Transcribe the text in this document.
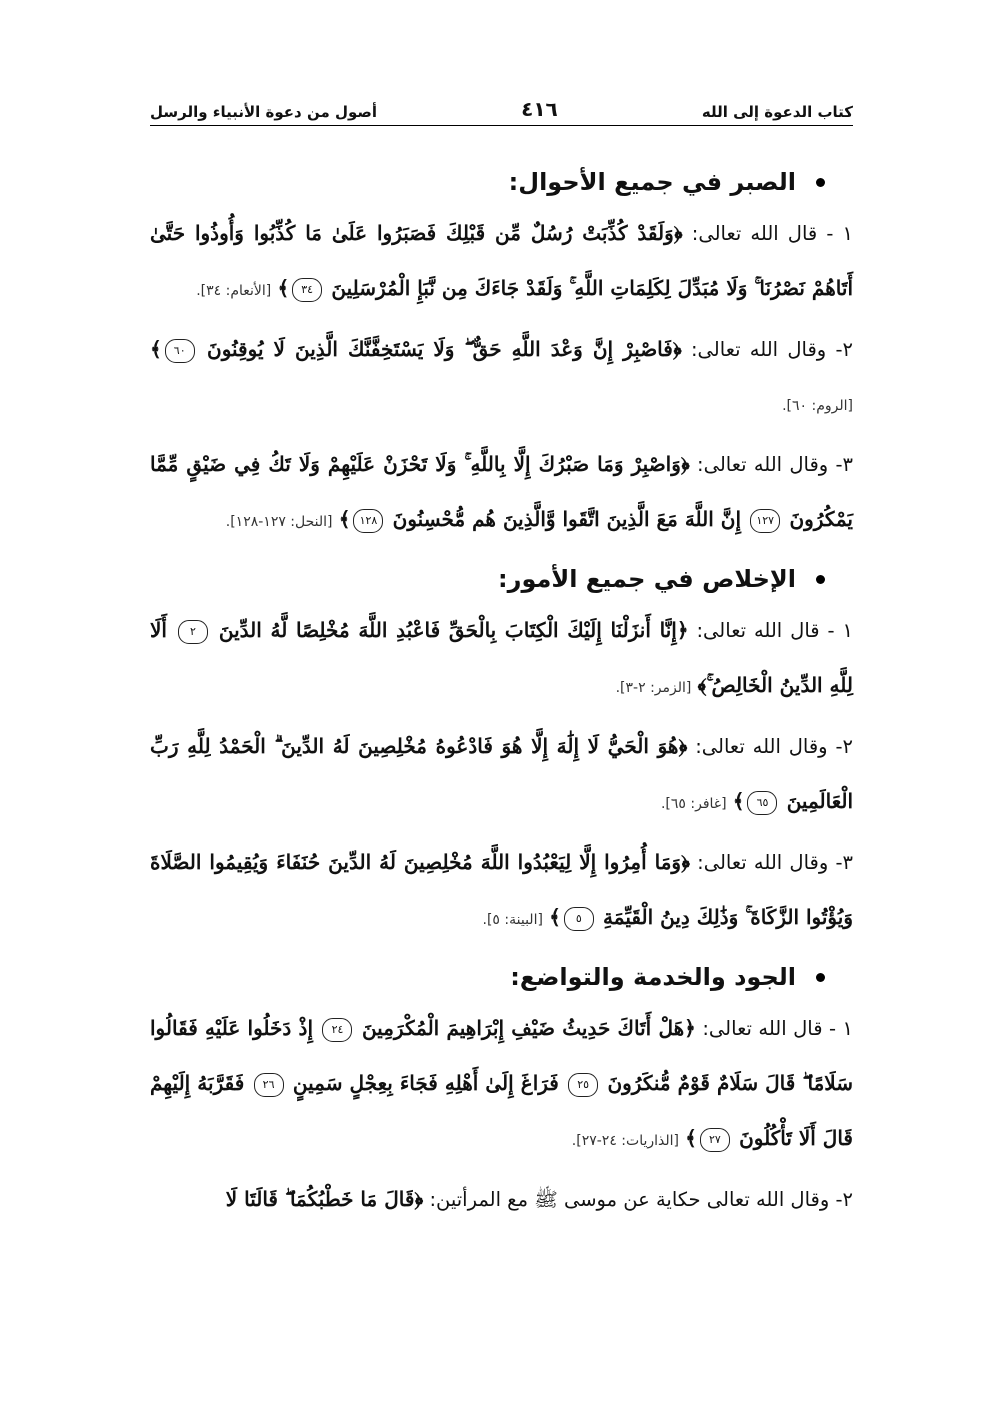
كتاب الدعوة إلى الله
٤١٦
أصول من دعوة الأنبياء والرسل
الصبر في جميع الأحوال:
١ - قال الله تعالى: ﴿وَلَقَدْ كُذِّبَتْ رُسُلٌ مِّن قَبْلِكَ فَصَبَرُوا عَلَىٰ مَا كُذِّبُوا وَأُوذُوا حَتَّىٰ أَتَاهُمْ نَصْرُنَا ۚ وَلَا مُبَدِّلَ لِكَلِمَاتِ اللَّهِ ۚ وَلَقَدْ جَاءَكَ مِن نَّبَإِ الْمُرْسَلِينَ ٣٤﴾ [الأنعام: ٣٤].
٢- وقال الله تعالى: ﴿فَاصْبِرْ إِنَّ وَعْدَ اللَّهِ حَقٌّ ۖ وَلَا يَسْتَخِفَّنَّكَ الَّذِينَ لَا يُوقِنُونَ ٦٠﴾ [الروم: ٦٠].
٣- وقال الله تعالى: ﴿وَاصْبِرْ وَمَا صَبْرُكَ إِلَّا بِاللَّهِ ۚ وَلَا تَحْزَنْ عَلَيْهِمْ وَلَا تَكُ فِي ضَيْقٍ مِّمَّا يَمْكُرُونَ ١٢٧ إِنَّ اللَّهَ مَعَ الَّذِينَ اتَّقَوا وَّالَّذِينَ هُم مُّحْسِنُونَ ١٢٨﴾ [النحل: ١٢٧-١٢٨].
الإخلاص في جميع الأمور:
١ - قال الله تعالى: ﴿إِنَّا أَنزَلْنَا إِلَيْكَ الْكِتَابَ بِالْحَقِّ فَاعْبُدِ اللَّهَ مُخْلِصًا لَّهُ الدِّينَ ٢ أَلَا لِلَّهِ الدِّينُ الْخَالِصُ ۚ﴾ [الزمر: ٢-٣].
٢- وقال الله تعالى: ﴿هُوَ الْحَيُّ لَا إِلَٰهَ إِلَّا هُوَ فَادْعُوهُ مُخْلِصِينَ لَهُ الدِّينَ ۗ الْحَمْدُ لِلَّهِ رَبِّ الْعَالَمِينَ ٦٥﴾ [غافر: ٦٥].
٣- وقال الله تعالى: ﴿وَمَا أُمِرُوا إِلَّا لِيَعْبُدُوا اللَّهَ مُخْلِصِينَ لَهُ الدِّينَ حُنَفَاءَ وَيُقِيمُوا الصَّلَاةَ وَيُؤْتُوا الزَّكَاةَ ۚ وَذَٰلِكَ دِينُ الْقَيِّمَةِ ٥﴾ [البينة: ٥].
الجود والخدمة والتواضع:
١ - قال الله تعالى: ﴿هَلْ أَتَاكَ حَدِيثُ ضَيْفِ إِبْرَاهِيمَ الْمُكْرَمِينَ ٢٤ إِذْ دَخَلُوا عَلَيْهِ فَقَالُوا سَلَامًا ۖ قَالَ سَلَامٌ قَوْمٌ مُّنكَرُونَ ٢٥ فَرَاغَ إِلَىٰ أَهْلِهِ فَجَاءَ بِعِجْلٍ سَمِينٍ ٢٦ فَقَرَّبَهُ إِلَيْهِمْ قَالَ أَلَا تَأْكُلُونَ ٢٧﴾ [الذاريات: ٢٤-٢٧].
٢- وقال الله تعالى حكاية عن موسى ﷺ مع المرأتين: ﴿قَالَ مَا خَطْبُكُمَا ۖ قَالَتَا لَا
